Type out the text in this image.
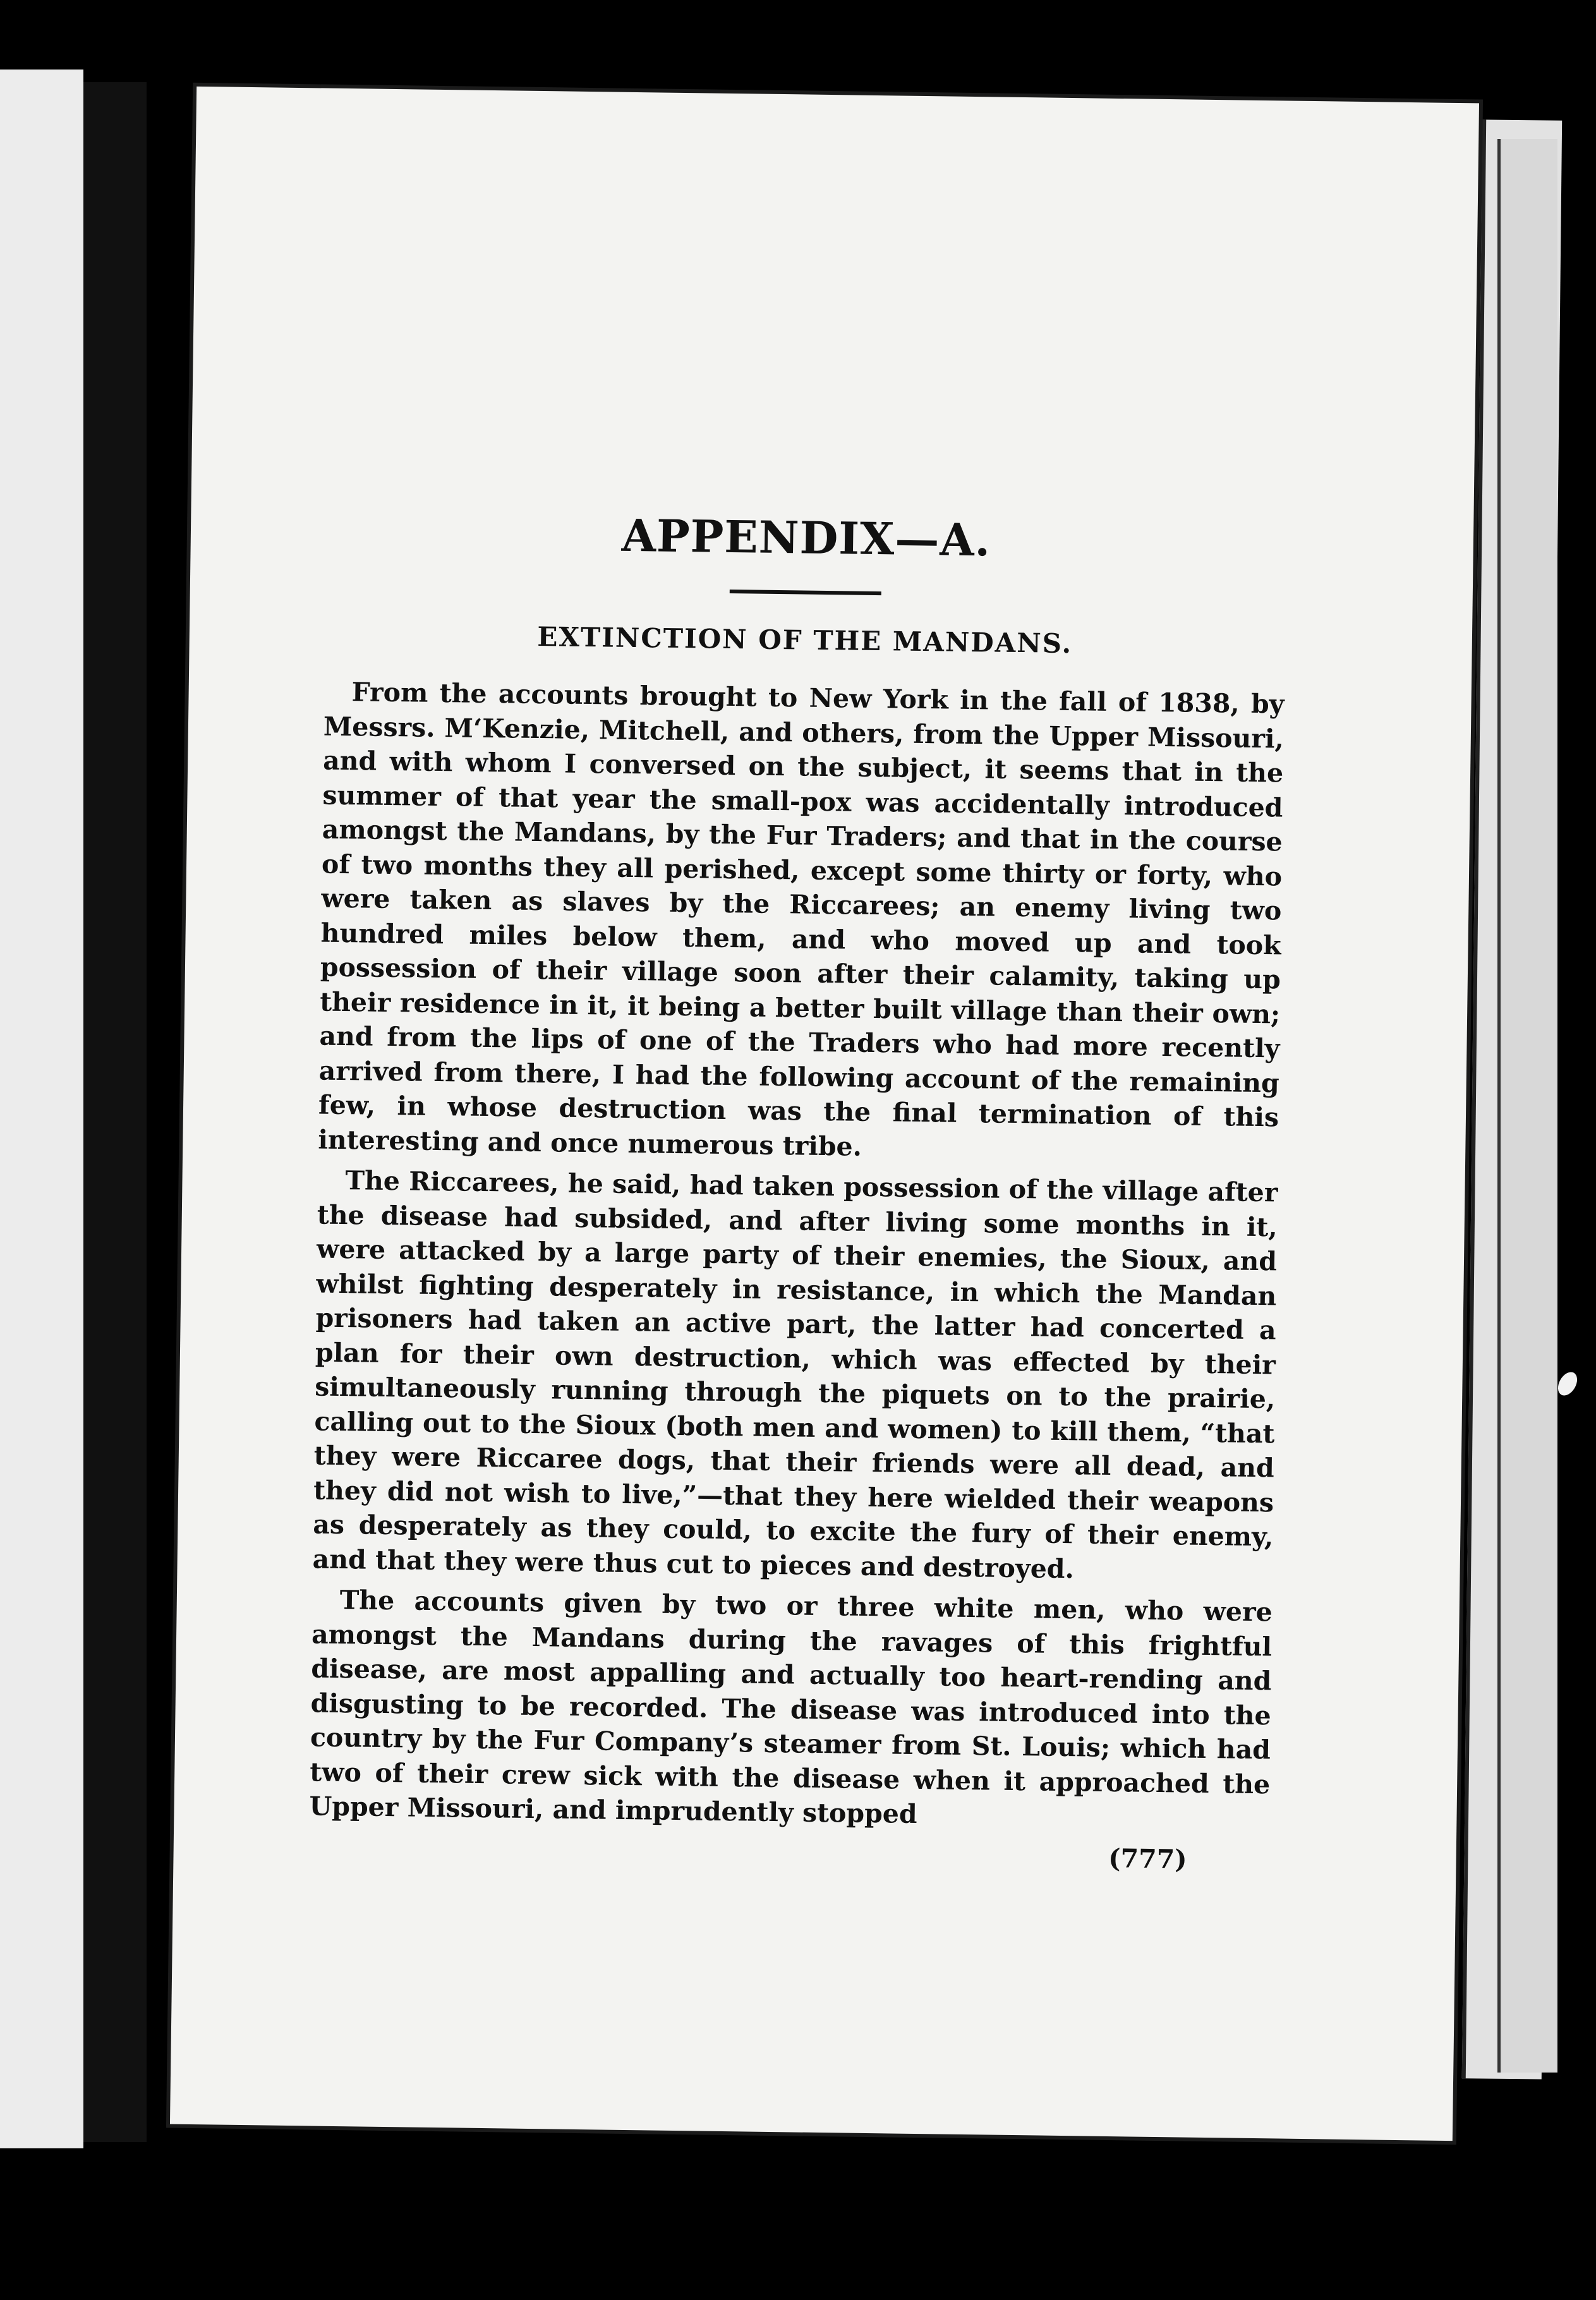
APPENDIX—A.
EXTINCTION OF THE MANDANS.

From the accounts brought to New York in the fall of 1838, by Messrs. M‘Kenzie, Mitchell, and others, from the Upper Missouri, and with whom I conversed on the subject, it seems that in the summer of that year the small-pox was accidentally introduced amongst the Mandans, by the Fur Traders; and that in the course of two months they all perished, except some thirty or forty, who were taken as slaves by the Riccarees; an enemy living two hundred miles below them, and who moved up and took possession of their village soon after their calamity, taking up their residence in it, it being a better built village than their own; and from the lips of one of the Traders who had more recently arrived from there, I had the following account of the remaining few, in whose destruction was the final termination of this interesting and once numerous tribe.

The Riccarees, he said, had taken possession of the village after the disease had subsided, and after living some months in it, were attacked by a large party of their enemies, the Sioux, and whilst fighting desperately in resistance, in which the Mandan prisoners had taken an active part, the latter had concerted a plan for their own destruction, which was effected by their simultaneously running through the piquets on to the prairie, calling out to the Sioux (both men and women) to kill them, “that they were Riccaree dogs, that their friends were all dead, and they did not wish to live,”—that they here wielded their weapons as desperately as they could, to excite the fury of their enemy, and that they were thus cut to pieces and destroyed.

The accounts given by two or three white men, who were amongst the Mandans during the ravages of this frightful disease, are most appalling and actually too heart-rending and disgusting to be recorded. The disease was introduced into the country by the Fur Company’s steamer from St. Louis; which had two of their crew sick with the disease when it approached the Upper Missouri, and imprudently stopped

(777)
